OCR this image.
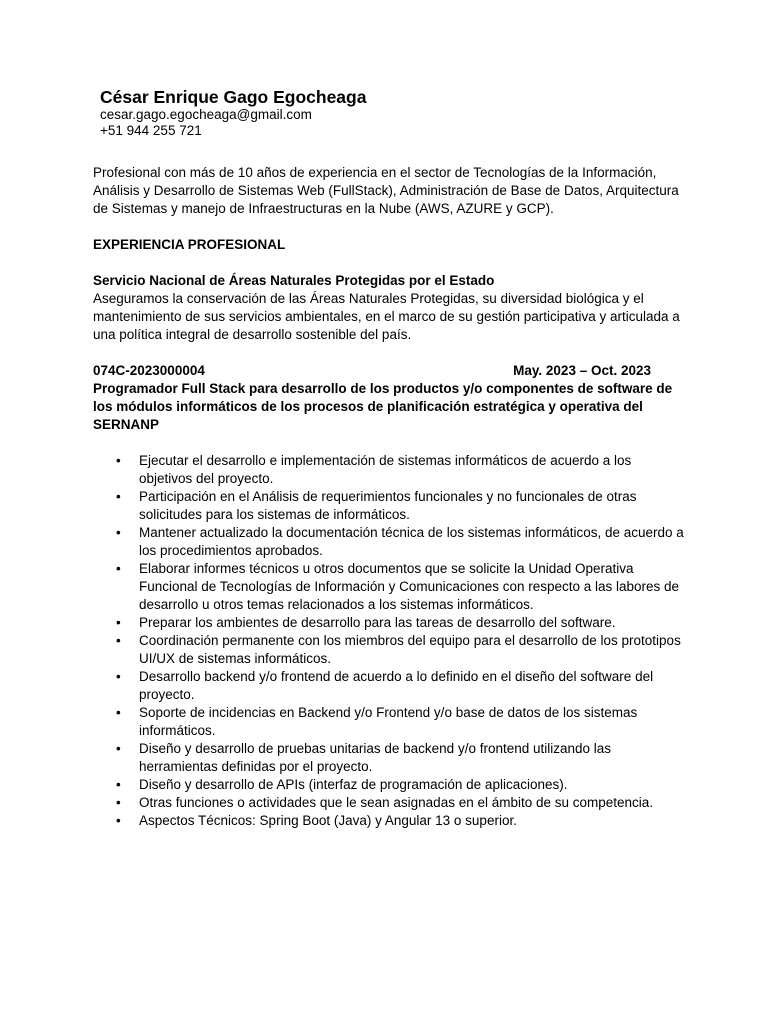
César Enrique Gago Egocheaga

cesar.gago.egocheaga@gmail.com

+51 944 255 721

Profesional con más de 10 años de experiencia en el sector de Tecnologías de la Información, Análisis y Desarrollo de Sistemas Web (FullStack), Administración de Base de Datos, Arquitectura de Sistemas y manejo de Infraestructuras en la Nube (AWS, AZURE y GCP).

EXPERIENCIA PROFESIONAL

Servicio Nacional de Áreas Naturales Protegidas por el Estado

Aseguramos la conservación de las Áreas Naturales Protegidas, su diversidad biológica y el mantenimiento de sus servicios ambientales, en el marco de su gestión participativa y articulada a una política integral de desarrollo sostenible del país.

074C-2023000004	May. 2023 – Oct. 2023

Programador Full Stack para desarrollo de los productos y/o componentes de software de los módulos informáticos de los procesos de planificación estratégica y operativa del SERNANP

• Ejecutar el desarrollo e implementación de sistemas informáticos de acuerdo a los objetivos del proyecto.
• Participación en el Análisis de requerimientos funcionales y no funcionales de otras solicitudes para los sistemas de informáticos.
• Mantener actualizado la documentación técnica de los sistemas informáticos, de acuerdo a los procedimientos aprobados.
• Elaborar informes técnicos u otros documentos que se solicite la Unidad Operativa Funcional de Tecnologías de Información y Comunicaciones con respecto a las labores de desarrollo u otros temas relacionados a los sistemas informáticos.
• Preparar los ambientes de desarrollo para las tareas de desarrollo del software.
• Coordinación permanente con los miembros del equipo para el desarrollo de los prototipos UI/UX de sistemas informáticos.
• Desarrollo backend y/o frontend de acuerdo a lo definido en el diseño del software del proyecto.
• Soporte de incidencias en Backend y/o Frontend y/o base de datos de los sistemas informáticos.
• Diseño y desarrollo de pruebas unitarias de backend y/o frontend utilizando las herramientas definidas por el proyecto.
• Diseño y desarrollo de APIs (interfaz de programación de aplicaciones).
• Otras funciones o actividades que le sean asignadas en el ámbito de su competencia.
• Aspectos Técnicos: Spring Boot (Java) y Angular 13 o superior.
